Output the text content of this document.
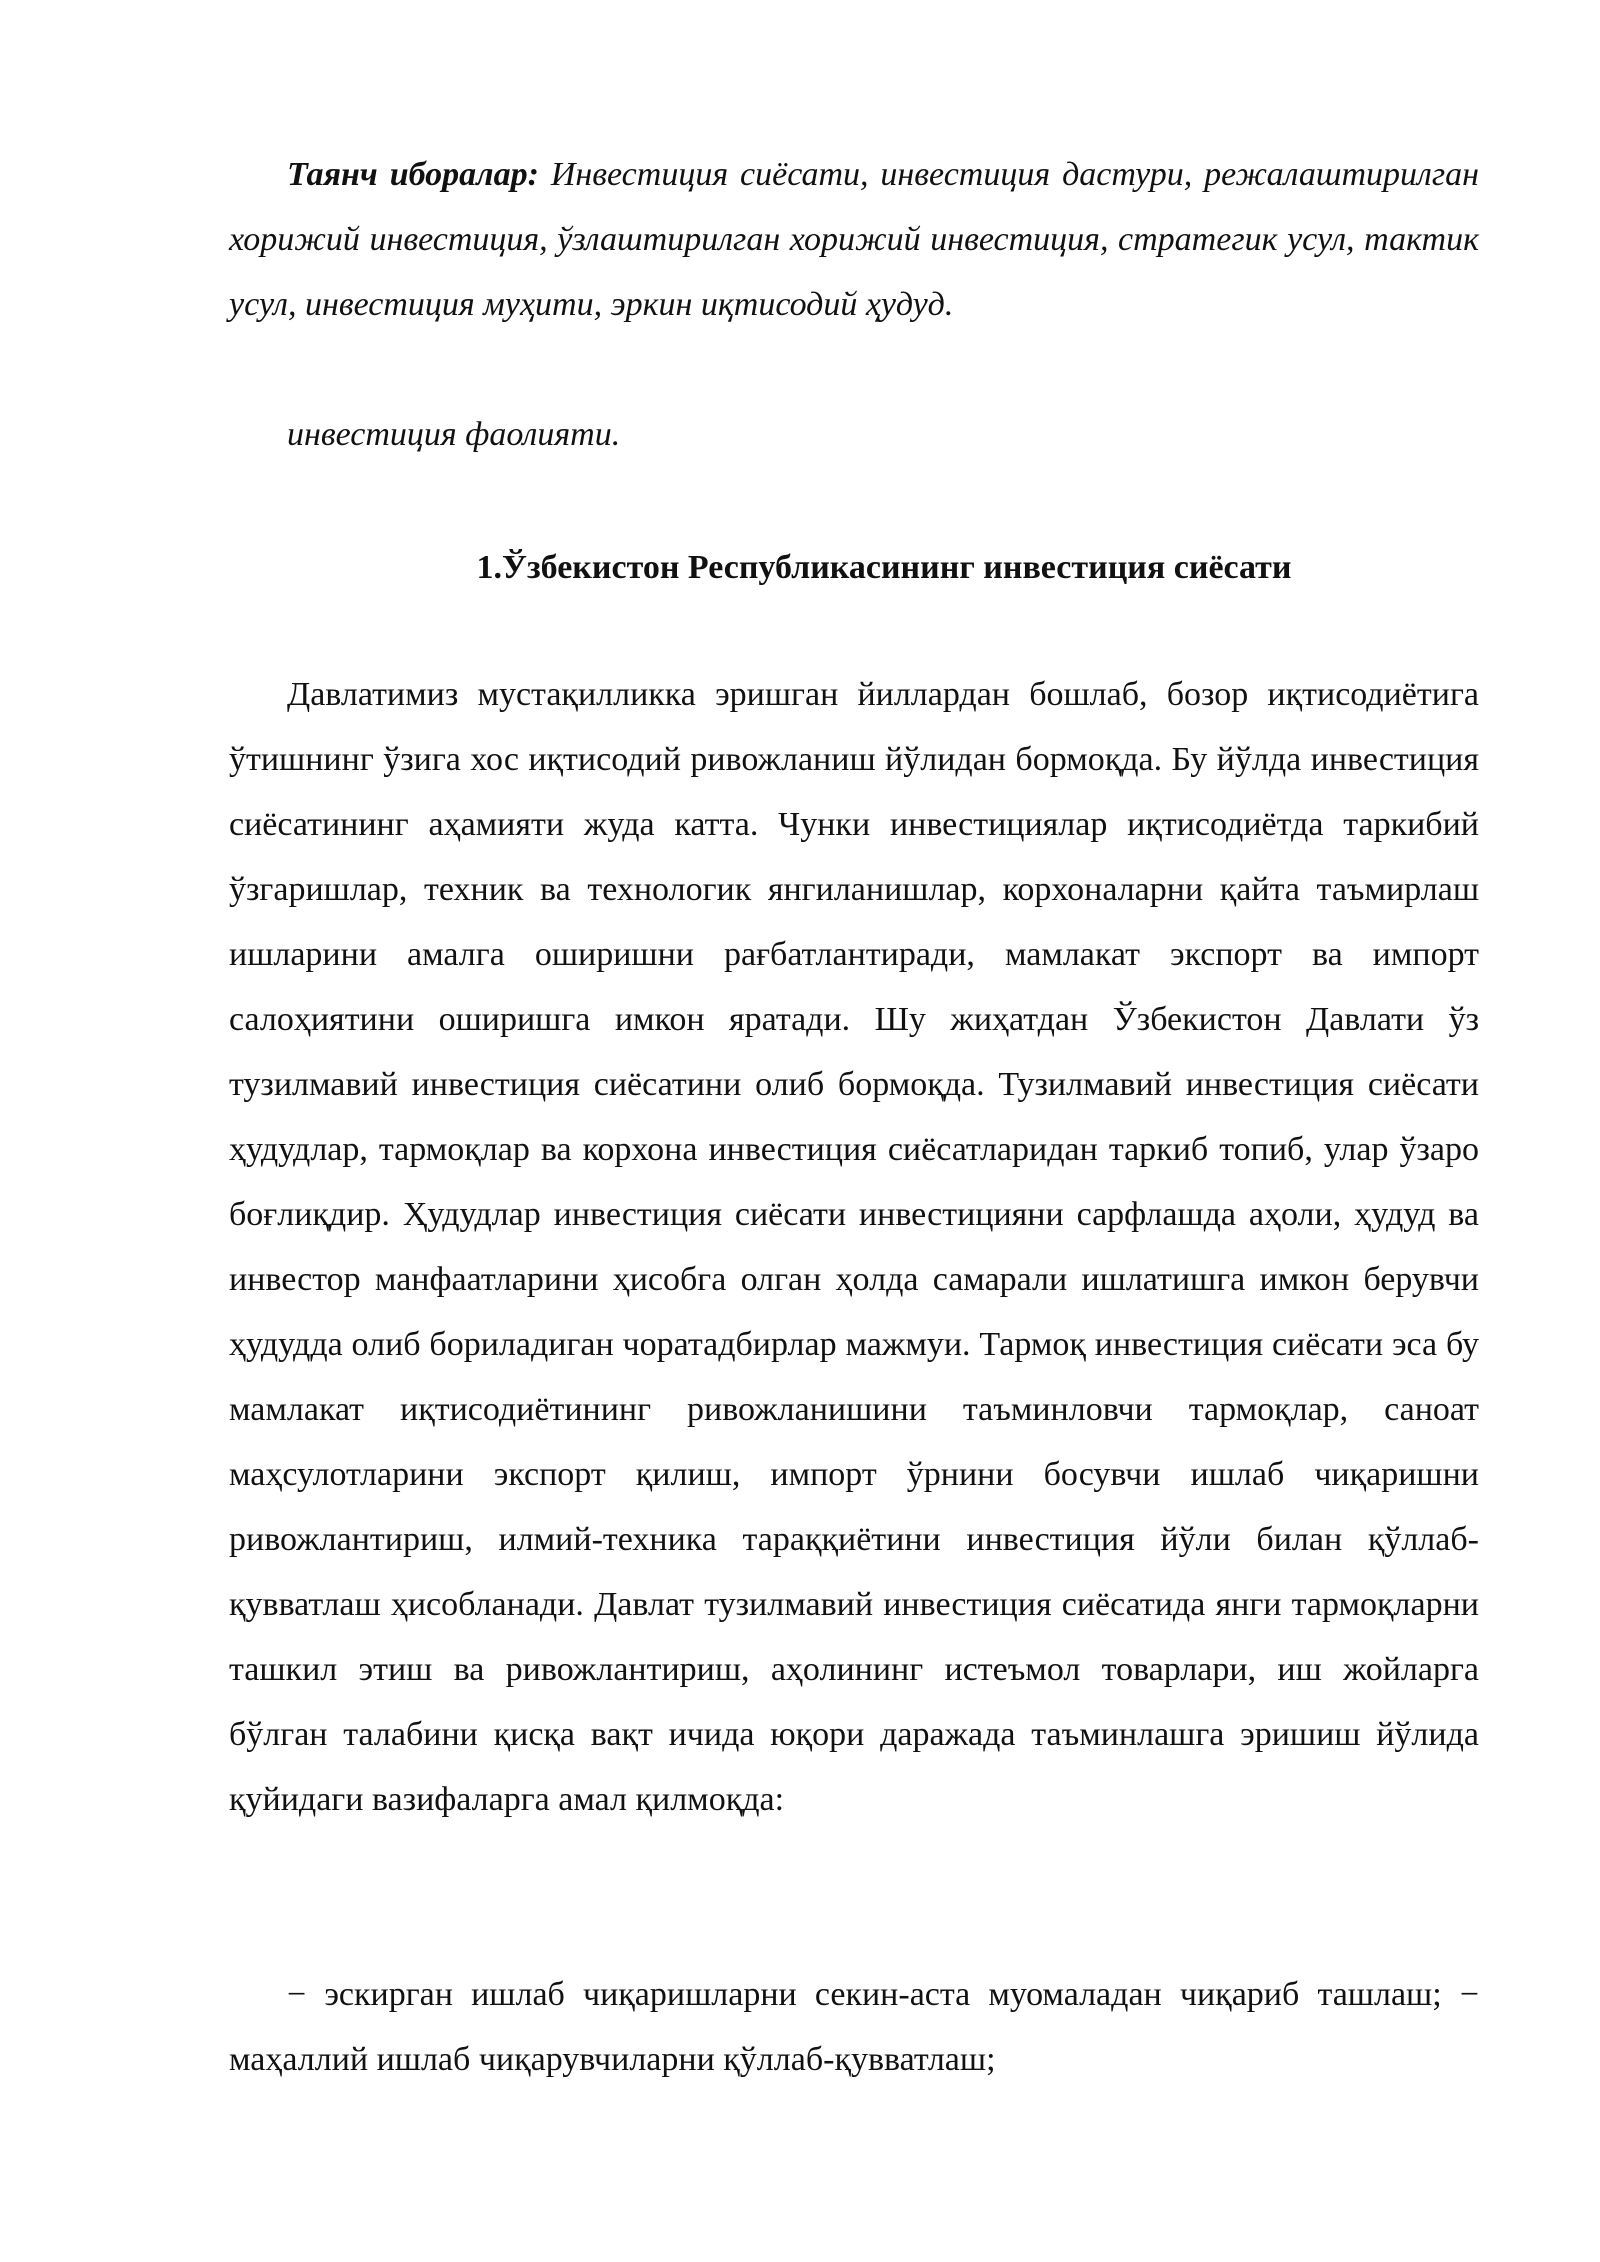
Таянч иборалар: Инвестиция сиёсати, инвестиция дастури, режалаштирилган хорижий инвестиция, ўзлаштирилган хорижий инвестиция, стратегик усул, тактик усул, инвестиция муҳити, эркин иқтисодий ҳудуд.

инвестиция фаолияти.

1.Ўзбекистон Республикасининг инвестиция сиёсати

Давлатимиз мустақилликка эришган йиллардан бошлаб, бозор иқтисодиётига ўтишнинг ўзига хос иқтисодий ривожланиш йўлидан бормоқда. Бу йўлда инвестиция сиёсатининг аҳамияти жуда катта. Чунки инвестициялар иқтисодиётда таркибий ўзгаришлар, техник ва технологик янгиланишлар, корхоналарни қайта таъмирлаш ишларини амалга оширишни рағбатлантиради, мамлакат экспорт ва импорт салоҳиятини оширишга имкон яратади. Шу жиҳатдан Ўзбекистон Давлати ўз тузилмавий инвестиция сиёсатини олиб бормоқда. Тузилмавий инвестиция сиёсати ҳудудлар, тармоқлар ва корхона инвестиция сиёсатларидан таркиб топиб, улар ўзаро боғлиқдир. Ҳудудлар инвестиция сиёсати инвестицияни сарфлашда аҳоли, ҳудуд ва инвестор манфаатларини ҳисобга олган ҳолда самарали ишлатишга имкон берувчи ҳудудда олиб бориладиган чоратадбирлар мажмуи. Тармоқ инвестиция сиёсати эса бу мамлакат иқтисодиётининг ривожланишини таъминловчи тармоқлар, саноат маҳсулотларини экспорт қилиш, импорт ўрнини босувчи ишлаб чиқаришни ривожлантириш, илмий-техника тараққиётини инвестиция йўли билан қўллаб-қувватлаш ҳисобланади. Давлат тузилмавий инвестиция сиёсатида янги тармоқларни ташкил этиш ва ривожлантириш, аҳолининг истеъмол товарлари, иш жойларга бўлган талабини қисқа вақт ичида юқори даражада таъминлашга эришиш йўлида қуйидаги вазифаларга амал қилмоқда:

− эскирган ишлаб чиқаришларни секин-аста муомаладан чиқариб ташлаш; − маҳаллий ишлаб чиқарувчиларни қўллаб-қувватлаш;
